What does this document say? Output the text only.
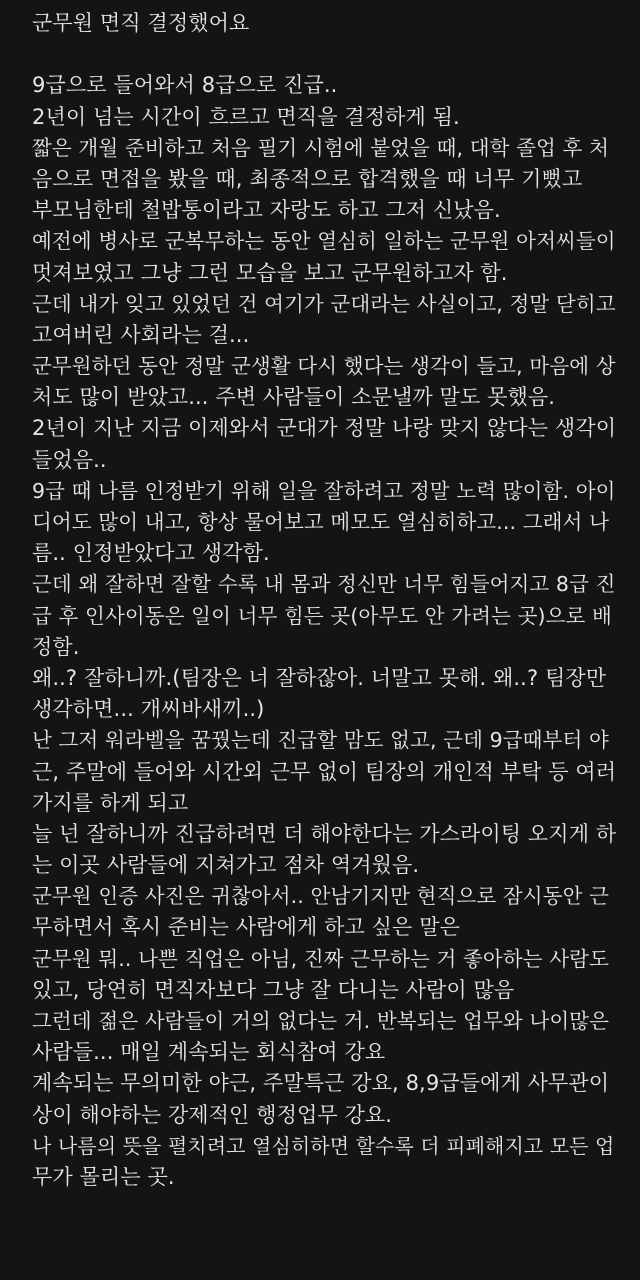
군무원 면직 결정했어요
9급으로 들어와서 8급으로 진급..
2년이 넘는 시간이 흐르고 면직을 결정하게 됨.
짧은 개월 준비하고 처음 필기 시험에 붙었을 때, 대학 졸업 후 처
음으로 면접을 봤을 때, 최종적으로 합격했을 때 너무 기뻤고
부모님한테 철밥통이라고 자랑도 하고 그저 신났음.
예전에 병사로 군복무하는 동안 열심히 일하는 군무원 아저씨들이
멋져보였고 그냥 그런 모습을 보고 군무원하고자 함.
근데 내가 잊고 있었던 건 여기가 군대라는 사실이고, 정말 닫히고
고여버린 사회라는 걸...
군무원하던 동안 정말 군생활 다시 했다는 생각이 들고, 마음에 상
처도 많이 받았고... 주변 사람들이 소문낼까 말도 못했음.
2년이 지난 지금 이제와서 군대가 정말 나랑 맞지 않다는 생각이
들었음..
9급 때 나름 인정받기 위해 일을 잘하려고 정말 노력 많이함. 아이
디어도 많이 내고, 항상 물어보고 메모도 열심히하고... 그래서 나
름.. 인정받았다고 생각함.
근데 왜 잘하면 잘할 수록 내 몸과 정신만 너무 힘들어지고 8급 진
급 후 인사이동은 일이 너무 힘든 곳(아무도 안 가려는 곳)으로 배
정함.
왜..? 잘하니까.(팀장은 너 잘하잖아. 너말고 못해. 왜..? 팀장만
생각하면... 개씨바새끼..)
난 그저 워라벨을 꿈꿨는데 진급할 맘도 없고, 근데 9급때부터 야
근, 주말에 들어와 시간외 근무 없이 팀장의 개인적 부탁 등 여러
가지를 하게 되고
늘 넌 잘하니까 진급하려면 더 해야한다는 가스라이팅 오지게 하
는 이곳 사람들에 지쳐가고 점차 역겨웠음.
군무원 인증 사진은 귀찮아서.. 안남기지만 현직으로 잠시동안 근
무하면서 혹시 준비는 사람에게 하고 싶은 말은
군무원 뭐.. 나쁜 직업은 아님, 진짜 근무하는 거 좋아하는 사람도
있고, 당연히 면직자보다 그냥 잘 다니는 사람이 많음
그런데 젊은 사람들이 거의 없다는 거. 반복되는 업무와 나이많은
사람들... 매일 계속되는 회식참여 강요
계속되는 무의미한 야근, 주말특근 강요, 8,9급들에게 사무관이
상이 해야하는 강제적인 행정업무 강요.
나 나름의 뜻을 펼치려고 열심히하면 할수록 더 피폐해지고 모든 업
무가 몰리는 곳.
